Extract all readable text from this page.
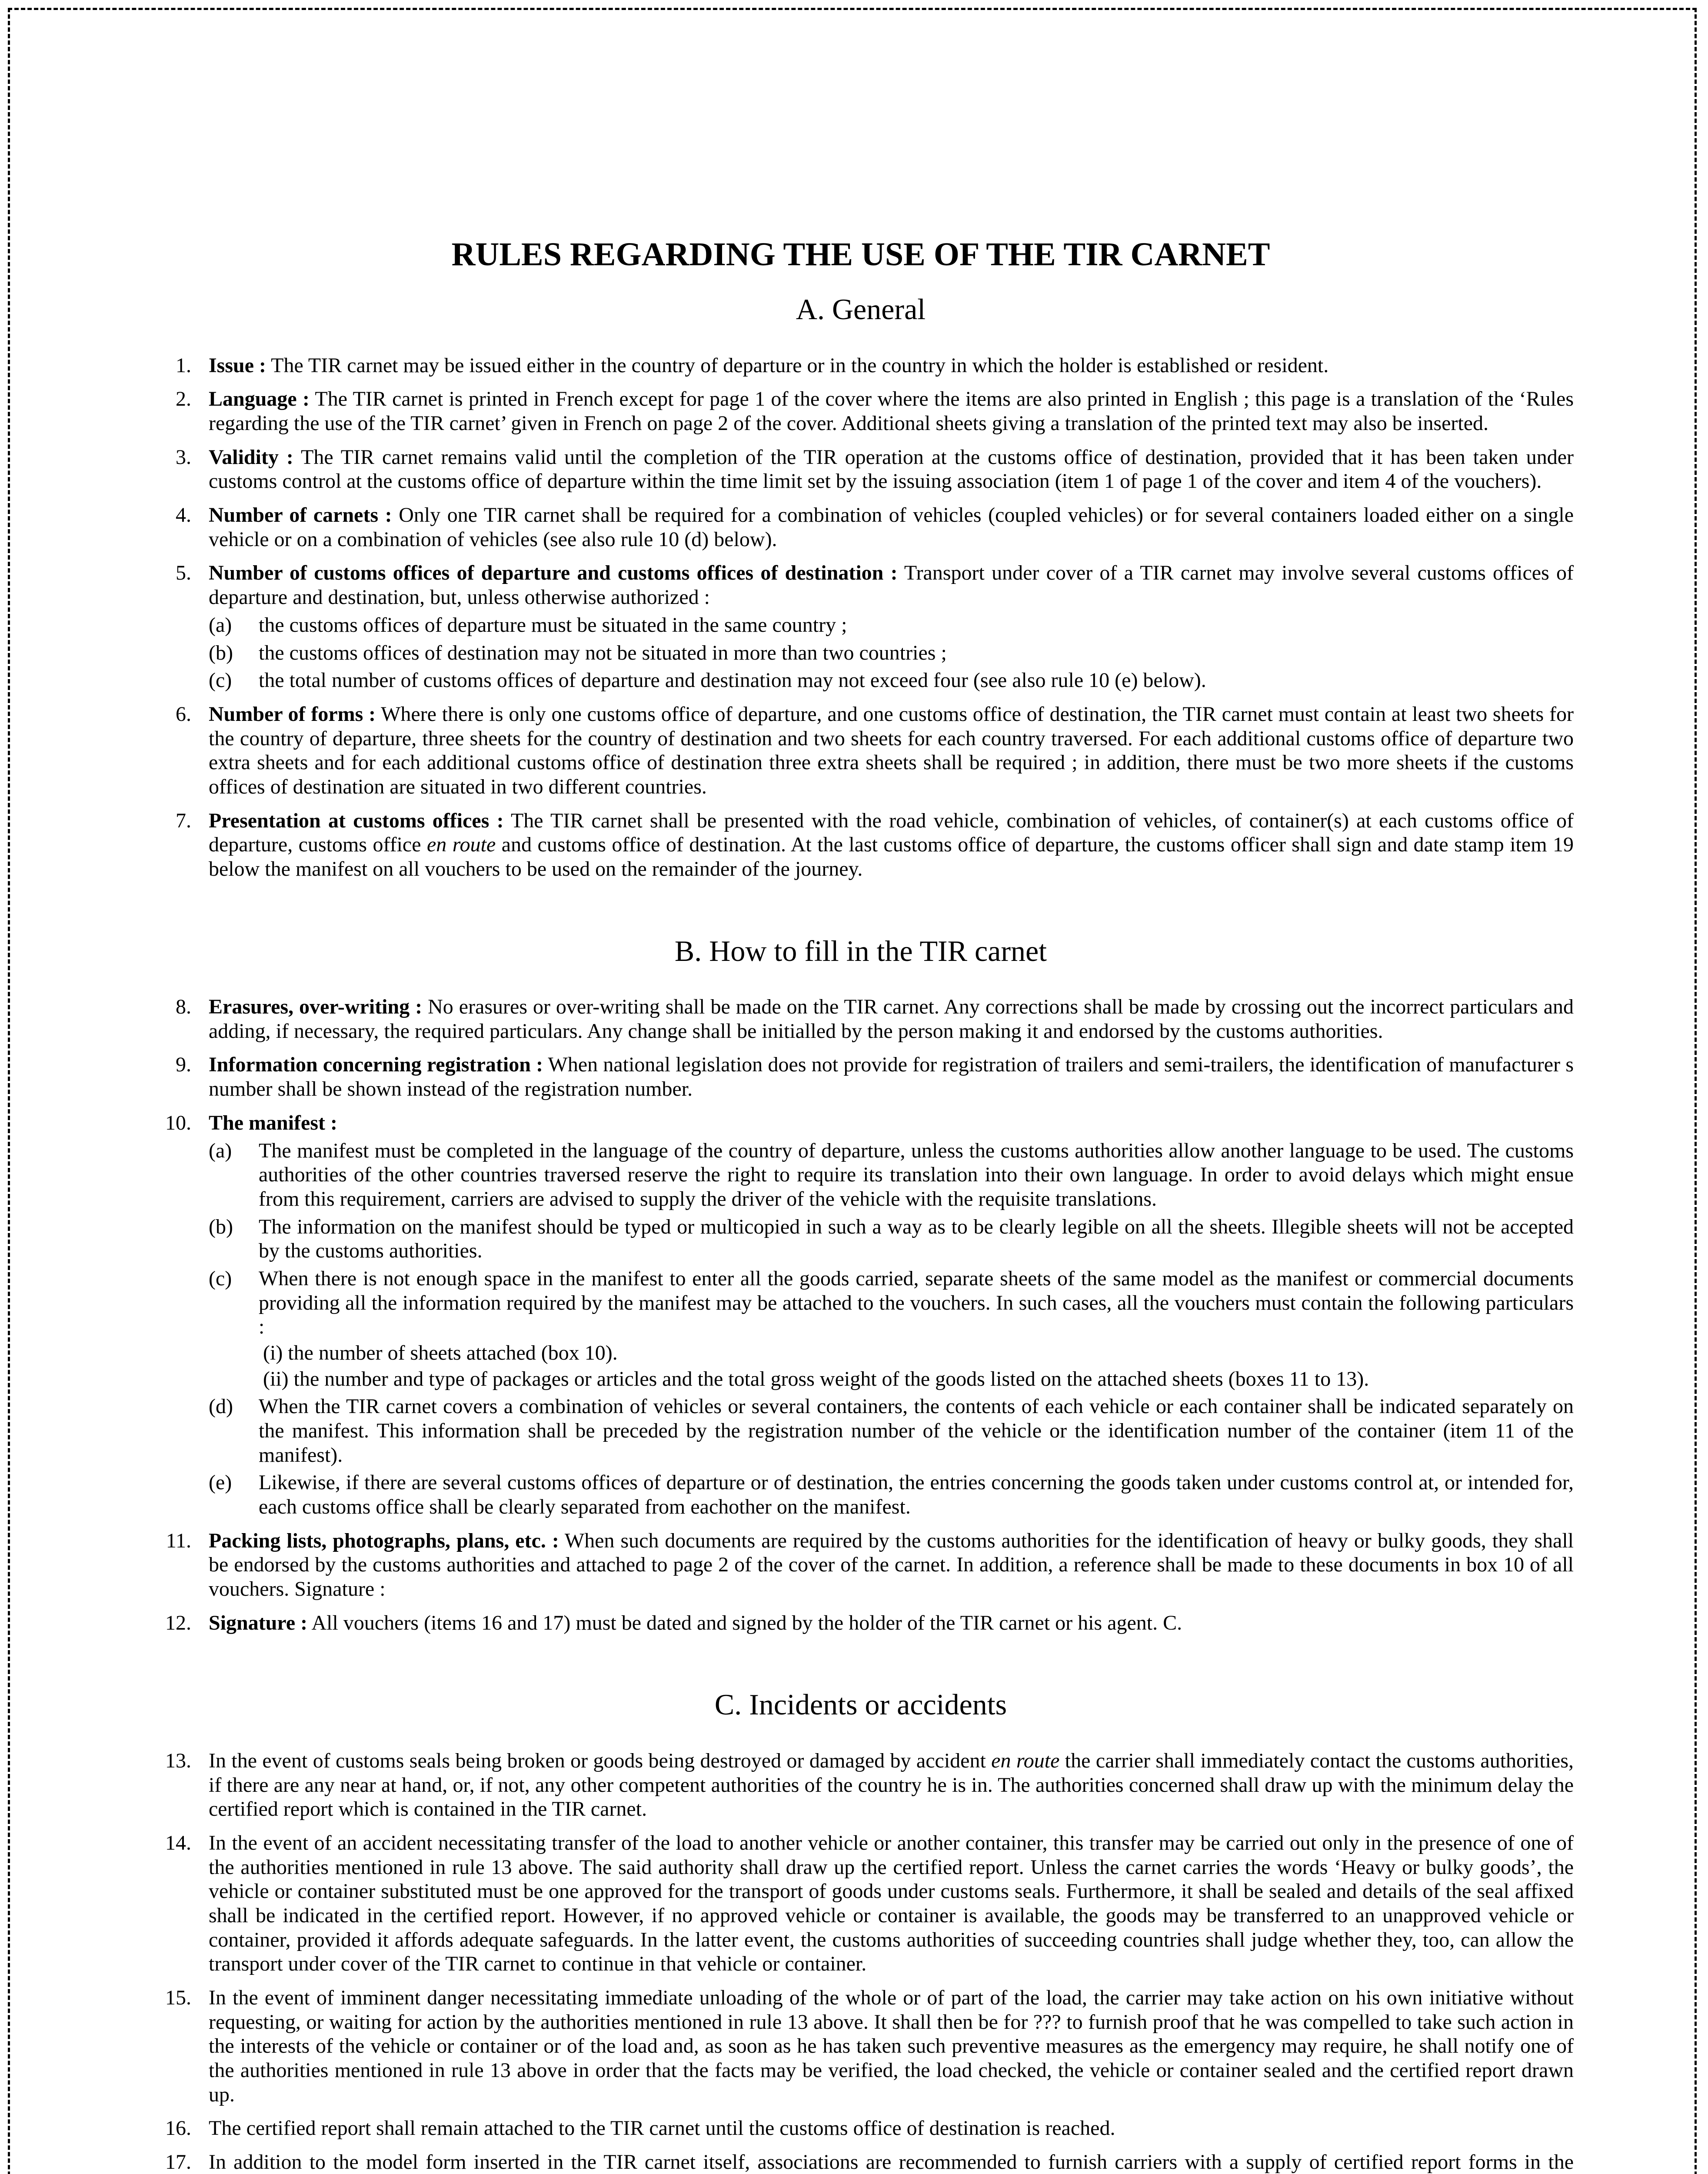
RULES REGARDING THE USE OF THE TIR CARNET
A. General
1. Issue : The TIR carnet may be issued either in the country of departure or in the country in which the holder is established or resident.
2. Language : The TIR carnet is printed in French except for page 1 of the cover where the items are also printed in English ; this page is a translation of the ‘Rules regarding the use of the TIR carnet’ given in French on page 2 of the cover. Additional sheets giving a translation of the printed text may also be inserted.
3. Validity : The TIR carnet remains valid until the completion of the TIR operation at the customs office of destination, provided that it has been taken under customs control at the customs office of departure within the time limit set by the issuing association (item 1 of page 1 of the cover and item 4 of the vouchers).
4. Number of carnets : Only one TIR carnet shall be required for a combination of vehicles (coupled vehicles) or for several containers loaded either on a single vehicle or on a combination of vehicles (see also rule 10 (d) below).
5. Number of customs offices of departure and customs offices of destination : Transport under cover of a TIR carnet may involve several customs offices of departure and destination, but, unless otherwise authorized :
(a)	the customs offices of departure must be situated in the same country ;
(b)	the customs offices of destination may not be situated in more than two countries ;
(c)	the total number of customs offices of departure and destination may not exceed four (see also rule 10 (e) below).
6. Number of forms : Where there is only one customs office of departure, and one customs office of destination, the TIR carnet must contain at least two sheets for the country of departure, three sheets for the country of destination and two sheets for each country traversed. For each additional customs office of departure two extra sheets and for each additional customs office of destination three extra sheets shall be required ; in addition, there must be two more sheets if the customs offices of destination are situated in two different countries.
7. Presentation at customs offices : The TIR carnet shall be presented with the road vehicle, combination of vehicles, of container(s) at each customs office of departure, customs office en route and customs office of destination. At the last customs office of departure, the customs officer shall sign and date stamp item 19 below the manifest on all vouchers to be used on the remainder of the journey.
B. How to fill in the TIR carnet
8. Erasures, over-writing : No erasures or over-writing shall be made on the TIR carnet. Any corrections shall be made by crossing out the incorrect particulars and adding, if necessary, the required particulars. Any change shall be initialled by the person making it and endorsed by the customs authorities.
9. Information concerning registration : When national legislation does not provide for registration of trailers and semi-trailers, the identification of manufacturer s number shall be shown instead of the registration number.
10. The manifest :
(a)	The manifest must be completed in the language of the country of departure, unless the customs authorities allow another language to be used. The customs authorities of the other countries traversed reserve the right to require its translation into their own language. In order to avoid delays which might ensue from this requirement, carriers are advised to supply the driver of the vehicle with the requisite translations.
(b)	The information on the manifest should be typed or multicopied in such a way as to be clearly legible on all the sheets. Illegible sheets will not be accepted by the customs authorities.
(c)	When there is not enough space in the manifest to enter all the goods carried, separate sheets of the same model as the manifest or commercial documents providing all the information required by the manifest may be attached to the vouchers. In such cases, all the vouchers must contain the following particulars :
(i) the number of sheets attached (box 10).
(ii) the number and type of packages or articles and the total gross weight of the goods listed on the attached sheets (boxes 11 to 13).
(d)	When the TIR carnet covers a combination of vehicles or several containers, the contents of each vehicle or each container shall be indicated separately on the manifest. This information shall be preceded by the registration number of the vehicle or the identification number of the container (item 11 of the manifest).
(e)	Likewise, if there are several customs offices of departure or of destination, the entries concerning the goods taken under customs control at, or intended for, each customs office shall be clearly separated from eachother on the manifest.
11. Packing lists, photographs, plans, etc. : When such documents are required by the customs authorities for the identification of heavy or bulky goods, they shall be endorsed by the customs authorities and attached to page 2 of the cover of the carnet. In addition, a reference shall be made to these documents in box 10 of all vouchers. Signature :
12. Signature : All vouchers (items 16 and 17) must be dated and signed by the holder of the TIR carnet or his agent. C.
C. Incidents or accidents
13. In the event of customs seals being broken or goods being destroyed or damaged by accident en route the carrier shall immediately contact the customs authorities, if there are any near at hand, or, if not, any other competent authorities of the country he is in. The authorities concerned shall draw up with the minimum delay the certified report which is contained in the TIR carnet.
14. In the event of an accident necessitating transfer of the load to another vehicle or another container, this transfer may be carried out only in the presence of one of the authorities mentioned in rule 13 above. The said authority shall draw up the certified report. Unless the carnet carries the words ‘Heavy or bulky goods’, the vehicle or container substituted must be one approved for the transport of goods under customs seals. Furthermore, it shall be sealed and details of the seal affixed shall be indicated in the certified report. However, if no approved vehicle or container is available, the goods may be transferred to an unapproved vehicle or container, provided it affords adequate safeguards. In the latter event, the customs authorities of succeeding countries shall judge whether they, too, can allow the transport under cover of the TIR carnet to continue in that vehicle or container.
15. In the event of imminent danger necessitating immediate unloading of the whole or of part of the load, the carrier may take action on his own initiative without requesting, or waiting for action by the authorities mentioned in rule 13 above. It shall then be for ??? to furnish proof that he was compelled to take such action in the interests of the vehicle or container or of the load and, as soon as he has taken such preventive measures as the emergency may require, he shall notify one of the authorities mentioned in rule 13 above in order that the facts may be verified, the load checked, the vehicle or container sealed and the certified report drawn up.
16. The certified report shall remain attached to the TIR carnet until the customs office of destination is reached.
17. In addition to the model form inserted in the TIR carnet itself, associations are recommended to furnish carriers with a supply of certified report forms in the
